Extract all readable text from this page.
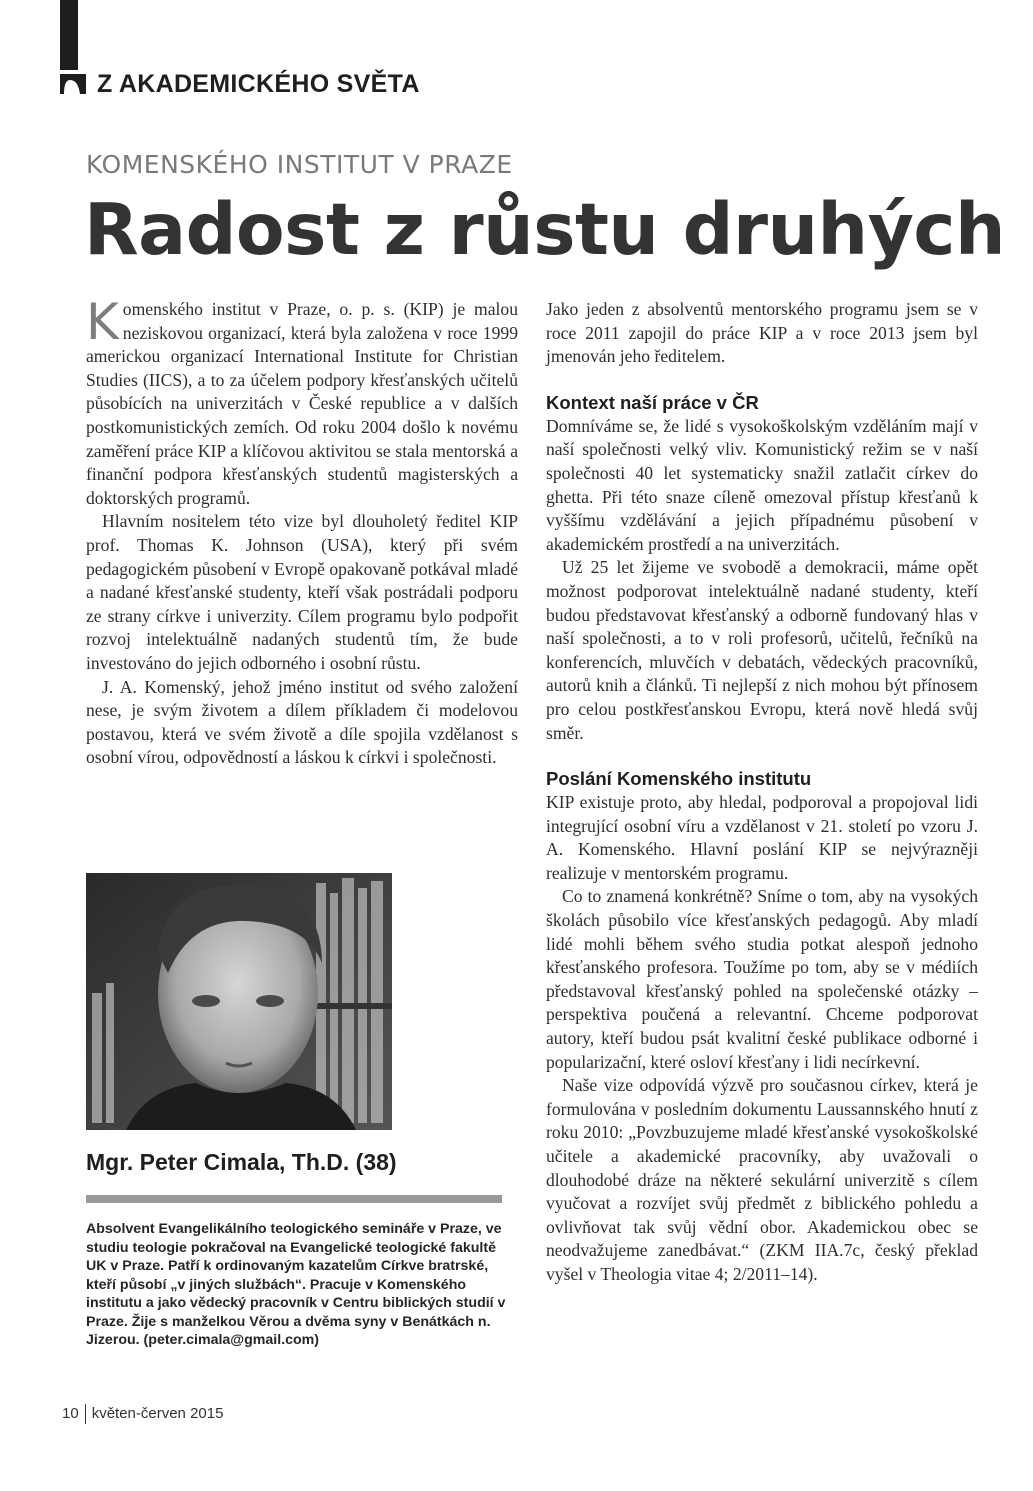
Z AKADEMICKÉHO SVĚTA
KOMENSKÉHO INSTITUT V PRAZE
Radost z růstu druhých

Komenského institut v Praze, o. p. s. (KIP) je malou neziskovou organizací, která byla založena v roce 1999 americkou organizací International Institute for Christian Studies (IICS), a to za účelem podpory křesťanských učitelů působících na univerzitách v České republice a v dalších postkomunistických zemích. Od roku 2004 došlo k novému zaměření práce KIP a klíčovou aktivitou se stala mentorská a finanční podpora křesťanských studentů magisterských a doktorských programů.

Hlavním nositelem této vize byl dlouholetý ředitel KIP prof. Thomas K. Johnson (USA), který při svém pedagogickém působení v Evropě opakovaně potkával mladé a nadané křesťanské studenty, kteří však postrádali podporu ze strany církve i univerzity. Cílem programu bylo podpořit rozvoj intelektuálně nadaných studentů tím, že bude investováno do jejich odborného i osobní růstu.

J. A. Komenský, jehož jméno institut od svého založení nese, je svým životem a dílem příkladem či modelovou postavou, která ve svém životě a díle spojila vzdělanost s osobní vírou, odpovědností a láskou k církvi i společnosti.

Jako jeden z absolventů mentorského programu jsem se v roce 2011 zapojil do práce KIP a v roce 2013 jsem byl jmenován jeho ředitelem.

Kontext naší práce v ČR

Domníváme se, že lidé s vysokoškolským vzděláním mají v naší společnosti velký vliv. Komunistický režim se v naší společnosti 40 let systematicky snažil zatlačit církev do ghetta. Při této snaze cíleně omezoval přístup křesťanů k vyššímu vzdělávání a jejich případnému působení v akademickém prostředí a na univerzitách.

Už 25 let žijeme ve svobodě a demokracii, máme opět možnost podporovat intelektuálně nadané studenty, kteří budou představovat křesťanský a odborně fundovaný hlas v naší společnosti, a to v roli profesorů, učitelů, řečníků na konferencích, mluvčích v debatách, vědeckých pracovníků, autorů knih a článků. Ti nejlepší z nich mohou být přínosem pro celou postkřesťanskou Evropu, která nově hledá svůj směr.

Poslání Komenského institutu

KIP existuje proto, aby hledal, podporoval a propojoval lidi integrující osobní víru a vzdělanost v 21. století po vzoru J. A. Komenského. Hlavní poslání KIP se nejvýrazněji realizuje v mentorském programu.

Co to znamená konkrétně? Sníme o tom, aby na vysokých školách působilo více křesťanských pedagogů. Aby mladí lidé mohli během svého studia potkat alespoň jednoho křesťanského profesora. Toužíme po tom, aby se v médiích představoval křesťanský pohled na společenské otázky – perspektiva poučená a relevantní. Chceme podporovat autory, kteří budou psát kvalitní české publikace odborné i popularizační, které osloví křesťany i lidi necírkevní.

Naše vize odpovídá výzvě pro současnou církev, která je formulována v posledním dokumentu Laussannského hnutí z roku 2010: „Povzbuzujeme mladé křesťanské vysokoškolské učitele a akademické pracovníky, aby uvažovali o dlouhodobé dráze na některé sekulární univerzitě s cílem vyučovat a rozvíjet svůj předmět z biblického pohledu a ovlivňovat tak svůj vědní obor. Akademickou obec se neodvažujeme zanedbávat.“ (ZKM IIA.7c, český překlad vyšel v Theologia vitae 4; 2/2011–14).

Mgr. Peter Cimala, Th.D. (38)
Absolvent Evangelikálního teologického semináře v Praze, ve studiu teologie pokračoval na Evangelické teologické fakultě UK v Praze. Patří k ordinovaným kazatelům Církve bratrské, kteří působí „v jiných službách“. Pracuje v Komenského institutu a jako vědecký pracovník v Centru biblických studií v Praze. Žije s manželkou Věrou a dvěma syny v Benátkách n. Jizerou. (peter.cimala@gmail.com)
10 květen-červen 2015
